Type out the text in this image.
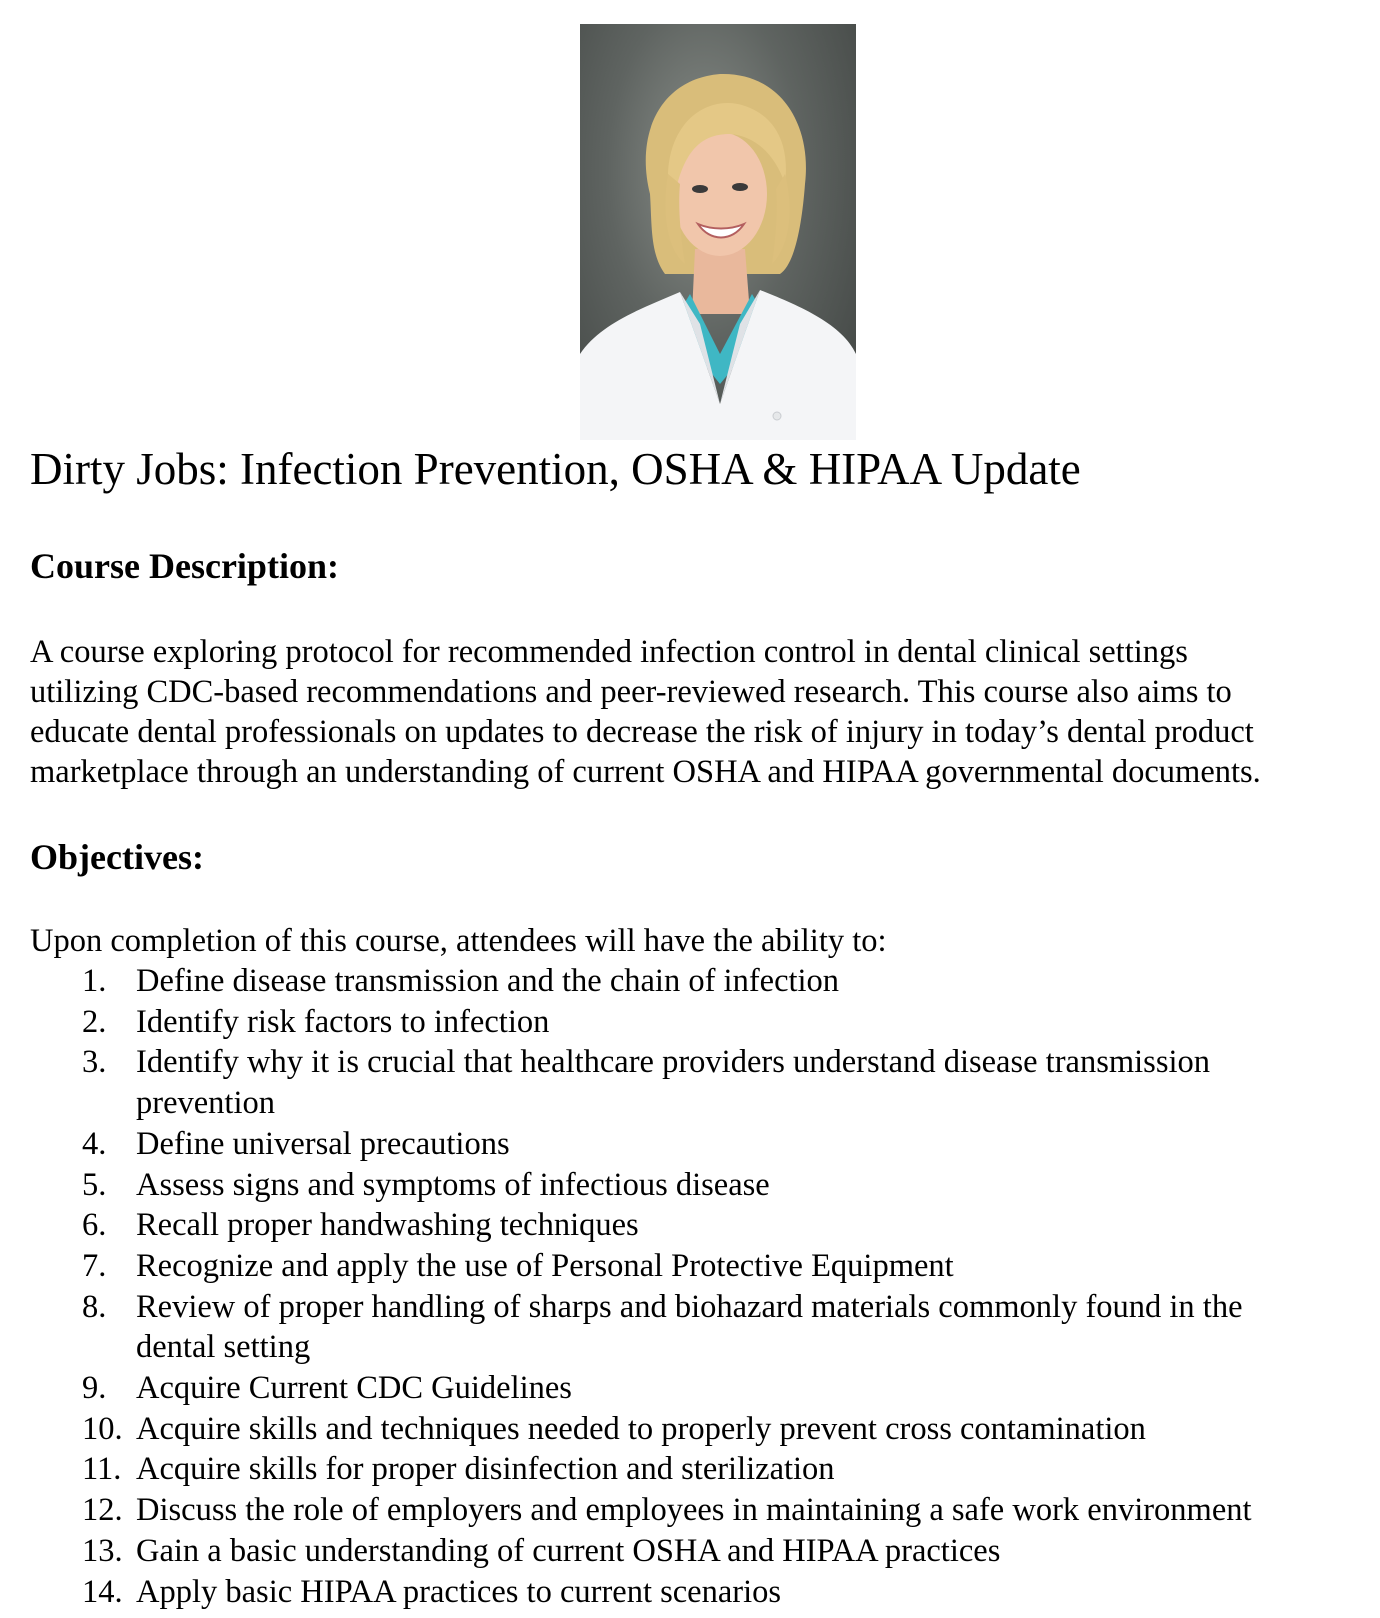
Dirty Jobs: Infection Prevention, OSHA & HIPAA Update
Course Description:

A course exploring protocol for recommended infection control in dental clinical settings
utilizing CDC-based recommendations and peer-reviewed research. This course also aims to
educate dental professionals on updates to decrease the risk of injury in today’s dental product
marketplace through an understanding of current OSHA and HIPAA governmental documents.

Objectives:

Upon completion of this course, attendees will have the ability to:

1. Define disease transmission and the chain of infection
2. Identify risk factors to infection
3. Identify why it is crucial that healthcare providers understand disease transmission
prevention
4. Define universal precautions
5. Assess signs and symptoms of infectious disease
6. Recall proper handwashing techniques
7. Recognize and apply the use of Personal Protective Equipment
8. Review of proper handling of sharps and biohazard materials commonly found in the
dental setting
9. Acquire Current CDC Guidelines
10. Acquire skills and techniques needed to properly prevent cross contamination
11. Acquire skills for proper disinfection and sterilization
12. Discuss the role of employers and employees in maintaining a safe work environment
13. Gain a basic understanding of current OSHA and HIPAA practices
14. Apply basic HIPAA practices to current scenarios
